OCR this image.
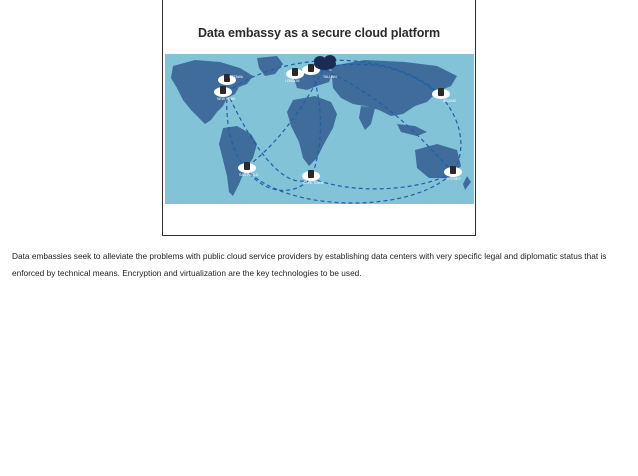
Data embassy as a secure cloud platform
OTTAWA
NEW YORK
TALLINN
LONDON
BEIJING
SAO PAULO
CAPE TOWN
SYDNEY
Data embassies seek to alleviate the problems with public cloud service providers by establishing data centers with very specific legal and diplomatic status that is enforced by technical means. Encryption and virtualization are the key technologies to be used.
